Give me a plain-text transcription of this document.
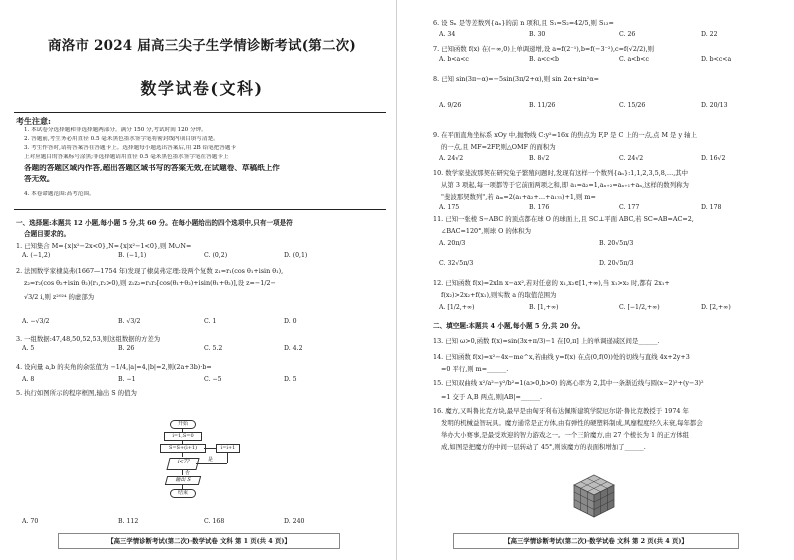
商洛市 2024 届高三尖子生学情诊断考试(第二次)
数学试卷(文科)
考生注意:
1. 本试卷分选择题和非选择题两部分。满分 150 分,考试时间 120 分钟。
2. 答题前,考生务必用直径 0.5 毫米黑色墨水签字笔将密封线内项目填写清楚。
3. 考生作答时,请将答案答在答题卡上。选择题每小题选出答案后,用 2B 铅笔把答题卡
上对应题目的答案标号涂黑;非选择题请用直径 0.5 毫米黑色墨水签字笔在答题卡上
各题的答题区域内作答,超出答题区域书写的答案无效,在试题卷、草稿纸上作
答无效。
4. 本卷命题范围:高考范围。
一、选择题:本题共 12 小题,每小题 5 分,共 60 分。在每小题给出的四个选项中,只有一项是符
合题目要求的。
1. 已知集合 M={x|x²−2x<0},N={x|x²−1<0},则 M∪N=
A. (−1,2)	B. (−1,1)	C. (0,2)	D. (0,1)
2. 法国数学家棣莫弗(1667—1754 年)发现了棣莫弗定理:设两个复数 z₁=r₁(cos θ₁+isin θ₁),
z₂=r₂(cos θ₂+isin θ₂)(r₁,r₂>0),则 z₁z₂=r₁r₂[cos(θ₁+θ₂)+isin(θ₁+θ₂)],设 z=−1/2−
√3/2 i,则 z²⁰²⁴ 的虚部为
A. −√3/2	B. √3/2	C. 1	D. 0
3. 一组数据:47,48,50,52,53,则这组数据的方差为
A. 5	B. 26	C. 5.2	D. 4.2
4. 设向量 a,b 的夹角的余弦值为 −1/4,|a|=4,|b|=2,则(2a+3b)·b=
A. 8	B. −1	C. −5	D. 5
5. 执行如图所示的程序框图,输出 S 的值为
开始
i=1,S=0
S=S+(i+1)	i=i+1
i<7?	是
否
输出 S
结束
A. 70	B. 112	C. 168	D. 240
【高三学情诊断考试(第二次)·数学试卷 文科 第 1 页(共 4 页)】
6. 设 Sₙ 是等差数列{aₙ}的前 n 项和,且 S₁=S₂=42/5,则 S₁₃=
A. 34	B. 30	C. 26	D. 22
7. 已知函数 f(x) 在(−∞,0)上单调递增,设 a=f(2⁻¹),b=f(−3⁻²),c=f(√2/2),则
A. b<a<c	B. a<c<b	C. a<b<c	D. b<c<a
8. 已知 sin(3π−α)=−5sin(3π/2+α),则 sin 2α+sin²α=
A. 9/26	B. 11/26	C. 15/26	D. 20/13
9. 在平面直角坐标系 xOy 中,抛物线 C:y²=16x 的焦点为 F,P 是 C 上的一点,点 M 是 y 轴上
的一点,且 MF=2FP,则△OMF 的面积为
A. 24√2	B. 8√2	C. 24√2	D. 16√2
10. 数学家斐波那契在研究兔子繁殖问题时,发现有这样一个数列{aₙ}:1,1,2,3,5,8,…,其中
从第 3 项起,每一项都等于它前面两项之和,即 a₁=a₂=1,aₙ₊₂=aₙ₊₁+aₙ,这样的数列称为
"斐波那契数列",若 aₘ=2(a₁+a₂+…+a₁₇₅)+1,则 m=
A. 175	B. 176	C. 177	D. 178
11. 已知一张棱 S−ABC 的顶点都在球 O 的球面上,且 SC⊥平面 ABC,若 SC=AB=AC=2,
∠BAC=120°,则球 O 的体积为
A. 20π/3	B. 20√5π/3
C. 32√5π/3	D. 20√5π/3
12. 已知函数 f(x)=2xln x−ax²,若对任意的 x₁,x₂∈[1,+∞),当 x₁>x₂ 时,都有 2x₁+
f(x₂)>2x₂+f(x₁),则实数 a 的取值范围为
A. [1/2,+∞)	B. [1,+∞)	C. [−1/2,+∞)	D. [2,+∞)
二、填空题:本题共 4 小题,每小题 5 分,共 20 分。
13. 已知 ω>0,函数 f(x)=sin(3x+π/3)−1 在[0,π] 上的单调递减区间是______.
14. 已知函数 f(x)=x²−4x−me^x,若曲线 y=f(x) 在点(0,f(0))处的切线与直线 4x+2y+3
=0 平行,则 m=______.
15. 已知双曲线 x²/a²−y²/b²=1(a>0,b>0) 的离心率为 2,其中一条渐近线与圆(x−2)²+(y−3)²
=1 交于 A,B 两点,则|AB|=______.
16. 魔方,又叫鲁比克方块,最早是由匈牙利布达佩斯建筑学院厄尔诺·鲁比克教授于 1974 年
发明的机械益智玩具。魔方通常是正方体,由有弹性的硬塑料制成,风靡程度经久未衰,每年都会
举办大小赛事,是最受欢迎的智力游戏之一。一个三阶魔方,由 27 个棱长为 1 的正方体组
成,如图是把魔方的中间一层转动了 45°,则该魔方的表面积增加了______.
【高三学情诊断考试(第二次)·数学试卷 文科 第 2 页(共 4 页)】
